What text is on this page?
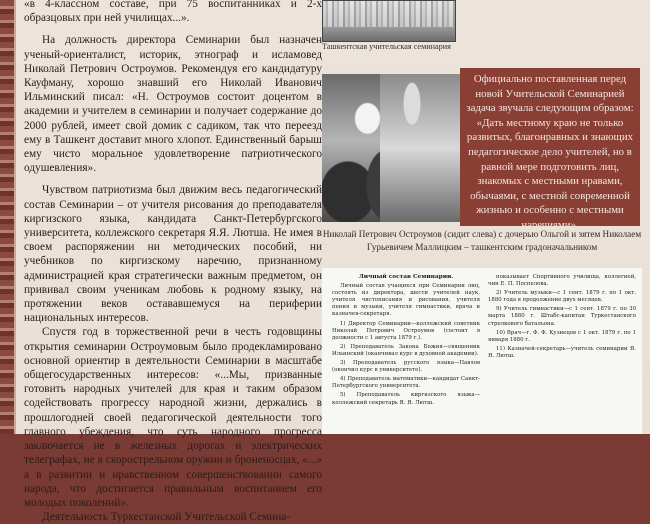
«в 4-классном составе, при 75 воспитанниках и 2-х образцовых при ней училищах...».

На должность директора Семинарии был назначен ученый-ориенталист, историк, этнограф и исламовед Николай Петрович Остроумов. Рекомендуя его кандидатуру Кауфману, хорошо знавший его Николай Иванович Ильминский писал: «Н. Остроумов состоит доцентом в академии и учителем в семинарии и получает содержание до 2000 рублей, имеет свой домик с садиком, так что переезд ему в Ташкент доставит много хлопот. Единственный барыш ему чисто моральное удовлетворение патриотического одушевления».

Чувством патриотизма был движим весь педагогический состав Семинарии – от учителя рисования до преподавателя киргизского языка, кандидата Санкт-Петербургского университета, коллежского секретаря Я.Я. Лютша. Не имея в своем распоряжении ни методических пособий, ни учебников по киргизскому наречию, признанному администрацией края стратегически важным предметом, он прививал своим ученикам любовь к родному языку, на протяжении веков остававшемуся на периферии национальных интересов.

Спустя год в торжественной речи в честь годовщины открытия семинарии Остроумовым было продекламировано основной ориентир в деятельности Семинарии в масштабе общегосударственных интересов: «...Мы, призванные готовить народных учителей для края и таким образом содействовать прогрессу народной жизни, держались в прошлогодней своей педагогической деятельности того главного убеждения, что суть народного прогресса заключается не в железных дорогах и электрических телеграфах, не в скорострельном оружии и броненосцах, «...» а в развитии и нравственном совершенствовании самого народа, что достигается правильным воспитанием его молодых поколений».

Деятельность Туркестанской Учительской Семина-

Ташкентская учительская семинария
Официально поставленная перед новой Учительской Семинарией задача звучала следующим образом: «Дать местному краю не только развитых, благонравных и знающих педагогическое дело учителей, но в равной мере подготовить лиц, знакомых с местными нравами, обычаями, с местной современной жизнью и особенно с местными наречиями».
Николай Петрович Остроумов (сидит слева) с дочерью Ольгой и зятем Николаем Гурьевичем Маллицким – ташкентским градоначальником
Личный состав Семинарии.

Личный состав учащихся при Семинарии лиц, состоять из директора, шести учителей наук, учителя чистописания и рисования, учителя пения и музыки, учителя гимнастики, врача и казначея-секретаря.

1) Директор Семинарии—коллежский советник Николай Петрович Остроумов (состоит в должности с 1 августа 1879 г.).

2) Преподаватель Закона Божия—священник Ильинский (оканчивал курс в духовной академии).

3) Преподаватель русского языка—Павлов (окончил курс в университете).

4) Преподаватель математики—кандидат Санкт-Петербургского университета.

5) Преподаватель киргизского языка—коллежский секретарь Я. Я. Лютш.

показывает Спортивного училища, коллегией, чин Е. П. Поспелова.

2) Учитель музыки—с 1 сент. 1879 г. по 1 окт. 1880 года в продолжение двух месяцев.

9) Учитель гимнастики—с 1 сент. 1879 г. по 30 марта 1880 г. Штабс-капитан Туркестанского стрелкового батальона.

10) Врач—г. Ф. Ф. Кузнецов с 1 окт. 1879 г. по 1 января 1880 г.

11) Казначей-секретарь—учитель семинарии Я. Я. Лютш.
